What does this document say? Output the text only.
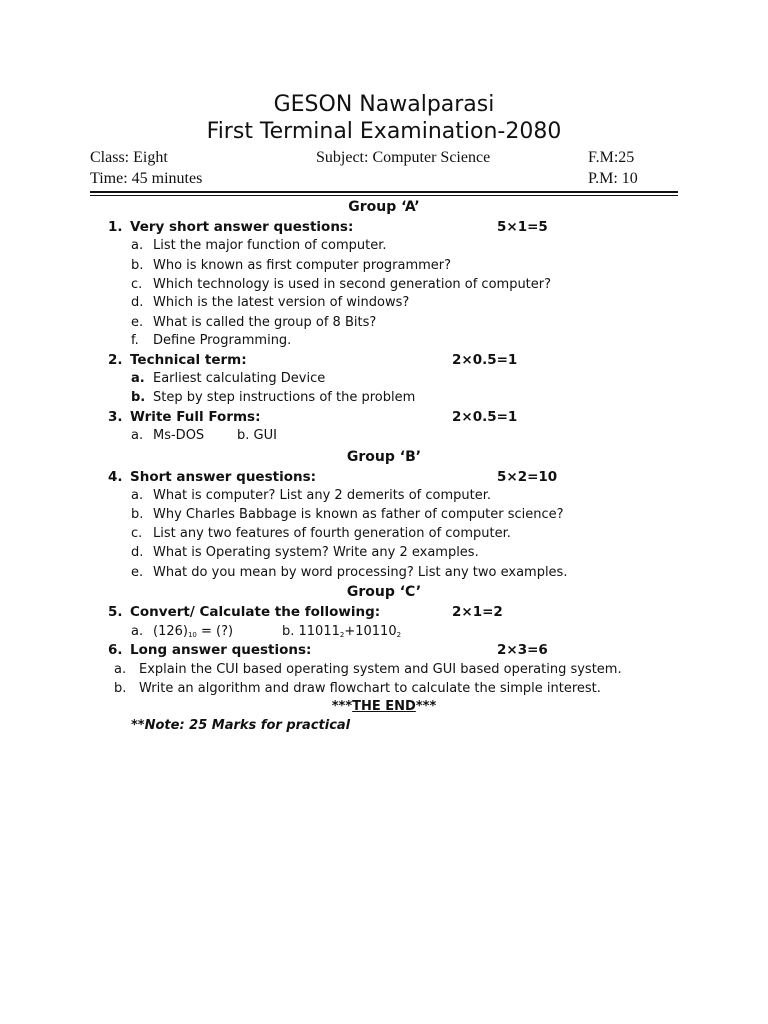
GESON Nawalparasi
First Terminal Examination-2080
Class: Eight	Subject: Computer Science	F.M:25
Time: 45 minutes	P.M: 10
Group ‘A’
1. Very short answer questions:	5×1=5
a. List the major function of computer.
b. Who is known as first computer programmer?
c. Which technology is used in second generation of computer?
d. Which is the latest version of windows?
e. What is called the group of 8 Bits?
f. Define Programming.
2. Technical term:	2×0.5=1
a. Earliest calculating Device
b. Step by step instructions of the problem
3. Write Full Forms:	2×0.5=1
a. Ms-DOS	b. GUI
Group ‘B’
4. Short answer questions:	5×2=10
a. What is computer? List any 2 demerits of computer.
b. Why Charles Babbage is known as father of computer science?
c. List any two features of fourth generation of computer.
d. What is Operating system? Write any 2 examples.
e. What do you mean by word processing? List any two examples.
Group ‘C’
5. Convert/ Calculate the following:	2×1=2
a. $(126)_{10}$ = (?)	b. $11011_2+10110_2$
6. Long answer questions:	2×3=6
a. Explain the CUI based operating system and GUI based operating system.
b. Write an algorithm and draw flowchart to calculate the simple interest.
***THE END***
**Note: 25 Marks for practical
